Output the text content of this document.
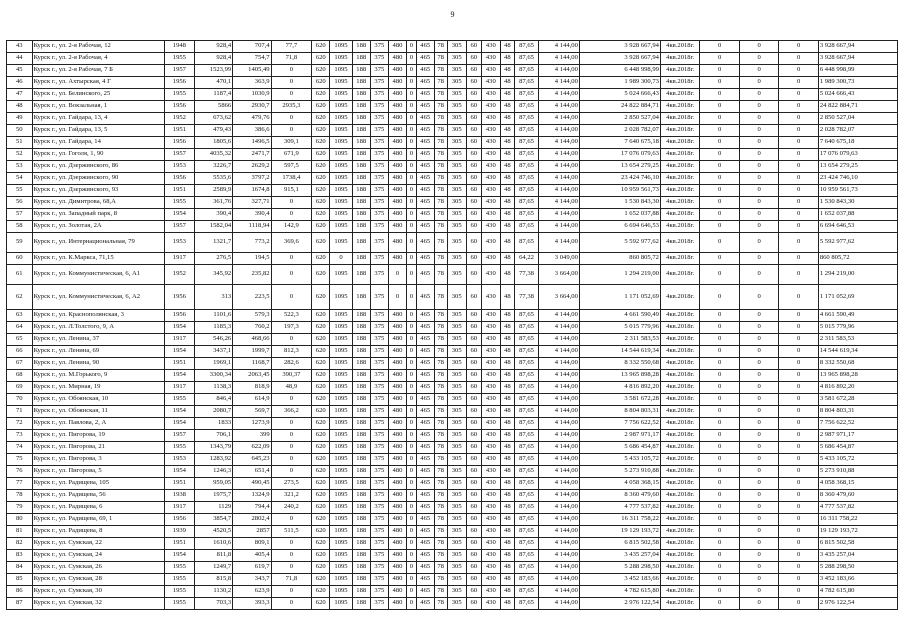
9
43	Курск г., ул. 2-я Рабочая, 12	1948	928,4	707,4	77,7	620	1095	188	375	480	0	465	78	305	60	430	48	87,65	4 144,00	3 928 667,94	4кв.2018г.	0	0	0	3 928 667,94
44	Курск г., ул. 2-я Рабочая, 4	1955	928,4	754,7	71,8	620	1095	188	375	480	0	465	78	305	60	430	48	87,65	4 144,00	3 928 667,94	4кв.2018г.	0	0	0	3 928 667,94
45	Курск г., ул. 2-я Рабочая, 7 Б	1957	1523,99	1405,49	0	620	1095	188	375	480	0	465	78	305	60	430	48	87,65	4 144,00	6 448 998,99	4кв.2018г.	0	0	0	6 448 998,99
46	Курск г., ул. Ахтырская, 4 Г	1956	470,1	363,9	0	620	1095	188	375	480	0	465	78	305	60	430	48	87,65	4 144,00	1 989 300,73	4кв.2018г.	0	0	0	1 989 300,73
47	Курск г., ул. Белинского, 25	1955	1187,4	1030,9	0	620	1095	188	375	480	0	465	78	305	60	430	48	87,65	4 144,00	5 024 666,43	4кв.2018г.	0	0	0	5 024 666,43
48	Курск г., ул. Вокзальная, 1	1956	5866	2930,7	2935,3	620	1095	188	375	480	0	465	78	305	60	430	48	87,65	4 144,00	24 822 884,71	4кв.2018г.	0	0	0	24 822 884,71
49	Курск г., ул. Гайдара, 13, 4	1952	673,62	479,76	0	620	1095	188	375	480	0	465	78	305	60	430	48	87,65	4 144,00	2 850 527,04	4кв.2018г.	0	0	0	2 850 527,04
50	Курск г., ул. Гайдара, 13, 5	1951	479,43	386,6	0	620	1095	188	375	480	0	465	78	305	60	430	48	87,65	4 144,00	2 028 782,07	4кв.2018г.	0	0	0	2 028 782,07
51	Курск г., ул. Гайдара, 14	1956	1805,6	1496,5	309,1	620	1095	188	375	480	0	465	78	305	60	430	48	87,65	4 144,00	7 640 675,18	4кв.2018г.	0	0	0	7 640 675,18
52	Курск г., ул. Гоголя, 1, 90	1957	4035,32	2471,7	671,9	620	1095	188	375	480	0	465	78	305	60	430	48	87,65	4 144,00	17 076 079,63	4кв.2018г.	0	0	0	17 076 079,63
53	Курск г., ул. Дзержинского, 86	1953	3226,7	2629,2	597,5	620	1095	188	375	480	0	465	78	305	60	430	48	87,65	4 144,00	13 654 279,25	4кв.2018г.	0	0	0	13 654 279,25
54	Курск г., ул. Дзержинского, 90	1956	5535,6	3797,2	1738,4	620	1095	188	375	480	0	465	78	305	60	430	48	87,65	4 144,00	23 424 746,10	4кв.2018г.	0	0	0	23 424 746,10
55	Курск г., ул. Дзержинского, 93	1951	2589,9	1674,8	915,1	620	1095	188	375	480	0	465	78	305	60	430	48	87,65	4 144,00	10 959 561,73	4кв.2018г.	0	0	0	10 959 561,73
56	Курск г., ул. Димитрова, 68,А	1955	361,76	327,71	0	620	1095	188	375	480	0	465	78	305	60	430	48	87,65	4 144,00	1 530 843,30	4кв.2018г.	0	0	0	1 530 843,30
57	Курск г., ул. Западный парк, 8	1954	390,4	390,4	0	620	1095	188	375	480	0	465	78	305	60	430	48	87,65	4 144,00	1 652 037,88	4кв.2018г.	0	0	0	1 652 037,88
58	Курск г., ул. Золотая, 2А	1957	1582,04	1118,94	142,9	620	1095	188	375	480	0	465	78	305	60	430	48	87,65	4 144,00	6 694 646,53	4кв.2018г.	0	0	0	6 694 646,53
59	Курск г., ул. Интернациональная, 79	1953	1321,7	773,2	369,6	620	1095	188	375	480	0	465	78	305	60	430	48	87,65	4 144,00	5 592 977,62	4кв.2018г.	0	0	0	5 592 977,62
60	Курск г., ул. К.Маркса, 71,15	1917	276,5	194,5	0	620	0	188	375	480	0	465	78	305	60	430	48	64,22	3 049,00	860 805,72	4кв.2018г.	0	0	0	860 805,72
61	Курск г., ул. Коммунистическая, 6, А1	1952	345,92	235,82	0	620	1095	188	375	0	0	465	78	305	60	430	48	77,38	3 664,00	1 294 219,00	4кв.2018г.	0	0	0	1 294 219,00
62	Курск г., ул. Коммунистическая, 6, А2	1956	313	223,5	0	620	1095	188	375	0	0	465	78	305	60	430	48	77,38	3 664,00	1 171 052,69	4кв.2018г.	0	0	0	1 171 052,69
63	Курск г., ул. Краснополянская, 3	1956	1101,6	579,3	522,3	620	1095	188	375	480	0	465	78	305	60	430	48	87,65	4 144,00	4 661 590,49	4кв.2018г.	0	0	0	4 661 590,49
64	Курск г., ул. Л.Толстого, 9, А	1954	1185,3	760,2	197,3	620	1095	188	375	480	0	465	78	305	60	430	48	87,65	4 144,00	5 015 779,96	4кв.2018г.	0	0	0	5 015 779,96
65	Курск г., ул. Ленина, 37	1917	546,26	468,66	0	620	1095	188	375	480	0	465	78	305	60	430	48	87,65	4 144,00	2 311 583,53	4кв.2018г.	0	0	0	2 311 583,53
66	Курск г., ул. Ленина, 69	1954	3437,1	1999,7	812,3	620	1095	188	375	480	0	465	78	305	60	430	48	87,65	4 144,00	14 544 619,34	4кв.2018г.	0	0	0	14 544 619,34
67	Курск г., ул. Ленина, 90	1951	1969,1	1168,7	282,6	620	1095	188	375	480	0	465	78	305	60	430	48	87,65	4 144,00	8 332 550,68	4кв.2018г.	0	0	0	8 332 550,68
68	Курск г., ул. М.Горького, 9	1954	3300,34	2063,45	390,37	620	1095	188	375	480	0	465	78	305	60	430	48	87,65	4 144,00	13 965 898,28	4кв.2018г.	0	0	0	13 965 898,28
69	Курск г., ул. Мирная, 19	1917	1138,3	818,9	48,9	620	1095	188	375	480	0	465	78	305	60	430	48	87,65	4 144,00	4 816 892,20	4кв.2018г.	0	0	0	4 816 892,20
70	Курск г., ул. Обоянская, 10	1955	846,4	614,9	0	620	1095	188	375	480	0	465	78	305	60	430	48	87,65	4 144,00	3 581 672,28	4кв.2018г.	0	0	0	3 581 672,28
71	Курск г., ул. Обоянская, 11	1954	2080,7	569,7	366,2	620	1095	188	375	480	0	465	78	305	60	430	48	87,65	4 144,00	8 804 803,31	4кв.2018г.	0	0	0	8 804 803,31
72	Курск г., ул. Павлова, 2, А	1954	1833	1273,9	0	620	1095	188	375	480	0	465	78	305	60	430	48	87,65	4 144,00	7 756 622,52	4кв.2018г.	0	0	0	7 756 622,52
73	Курск г., ул. Пигорова, 19	1957	706,1	399	0	620	1095	188	375	480	0	465	78	305	60	430	48	87,65	4 144,00	2 987 971,17	4кв.2018г.	0	0	0	2 987 971,17
74	Курск г., ул. Пигорова, 21	1955	1343,79	622,09	0	620	1095	188	375	480	0	465	78	305	60	430	48	87,65	4 144,00	5 686 454,87	4кв.2018г.	0	0	0	5 686 454,87
75	Курск г., ул. Пигорова, 3	1953	1283,92	645,23	0	620	1095	188	375	480	0	465	78	305	60	430	48	87,65	4 144,00	5 433 105,72	4кв.2018г.	0	0	0	5 433 105,72
76	Курск г., ул. Пигорова, 5	1954	1246,3	651,4	0	620	1095	188	375	480	0	465	78	305	60	430	48	87,65	4 144,00	5 273 910,88	4кв.2018г.	0	0	0	5 273 910,88
77	Курск г., ул. Радищева, 105	1951	959,05	490,45	273,5	620	1095	188	375	480	0	465	78	305	60	430	48	87,65	4 144,00	4 058 368,15	4кв.2018г.	0	0	0	4 058 368,15
78	Курск г., ул. Радищева, 56	1938	1975,7	1324,9	321,2	620	1095	188	375	480	0	465	78	305	60	430	48	87,65	4 144,00	8 360 479,60	4кв.2018г.	0	0	0	8 360 479,60
79	Курск г., ул. Радищева, 6	1917	1129	794,4	240,2	620	1095	188	375	480	0	465	78	305	60	430	48	87,65	4 144,00	4 777 537,82	4кв.2018г.	0	0	0	4 777 537,82
80	Курск г., ул. Радищева, 69, 1	1956	3854,7	2802,4	0	620	1095	188	375	480	0	465	78	305	60	430	48	87,65	4 144,00	16 311 758,22	4кв.2018г.	0	0	0	16 311 758,22
81	Курск г., ул. Радищева, 8	1939	4520,5	2857	511,5	620	1095	188	375	480	0	465	78	305	60	430	48	87,65	4 144,00	19 129 193,72	4кв.2018г.	0	0	0	19 129 193,72
82	Курск г., ул. Сумская, 22	1951	1610,6	809,1	0	620	1095	188	375	480	0	465	78	305	60	430	48	87,65	4 144,00	6 815 502,58	4кв.2018г.	0	0	0	6 815 502,58
83	Курск г., ул. Сумская, 24	1954	811,8	405,4	0	620	1095	188	375	480	0	465	78	305	60	430	48	87,65	4 144,00	3 435 257,04	4кв.2018г.	0	0	0	3 435 257,04
84	Курск г., ул. Сумская, 26	1955	1249,7	619,7	0	620	1095	188	375	480	0	465	78	305	60	430	48	87,65	4 144,00	5 288 298,50	4кв.2018г.	0	0	0	5 288 298,50
85	Курск г., ул. Сумская, 28	1955	815,8	343,7	71,8	620	1095	188	375	480	0	465	78	305	60	430	48	87,65	4 144,00	3 452 183,66	4кв.2018г.	0	0	0	3 452 183,66
86	Курск г., ул. Сумская, 30	1955	1130,2	623,9	0	620	1095	188	375	480	0	465	78	305	60	430	48	87,65	4 144,00	4 782 615,80	4кв.2018г.	0	0	0	4 782 615,80
87	Курск г., ул. Сумская, 32	1955	703,3	393,3	0	620	1095	188	375	480	0	465	78	305	60	430	48	87,65	4 144,00	2 976 122,54	4кв.2018г.	0	0	0	2 976 122,54
